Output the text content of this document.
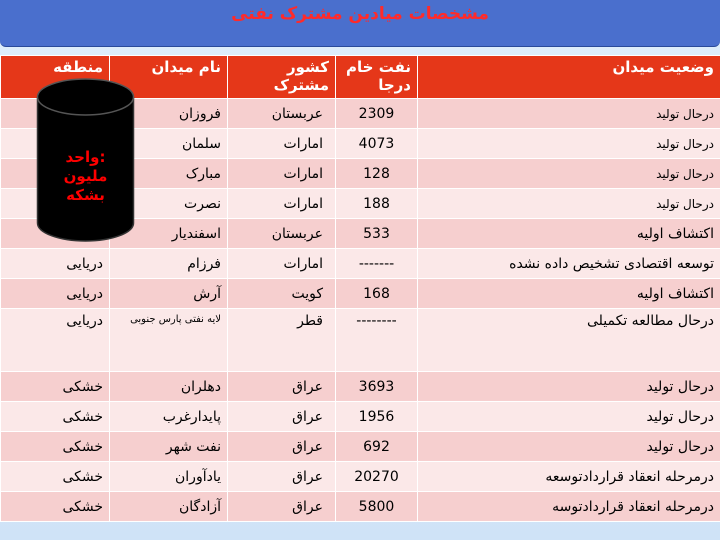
مشخصات میادین مشترک نفتی
وضعیت میدان	نفت خام درجا	کشور مشترک	نام میدان	منطقه
درحال تولید	2309	عربستان	فروزان	
درحال تولید	4073	امارات	سلمان	
درحال تولید	128	امارات	مبارک	
درحال تولید	188	امارات	نصرت	
اکتشاف اولیه	533	عربستان	اسفندیار	
توسعه اقتصادی تشخیص داده نشده	-------	امارات	فرزام	دریایی
اکتشاف اولیه	168	کویت	آرش	دریایی
درحال مطالعه تکمیلی	--------	قطر	لایه نفتی پارس جنوبی	دریایی
درحال تولید	3693	عراق	دهلران	خشکی
درحال تولید	1956	عراق	پایدارغرب	خشکی
درحال تولید	692	عراق	نفت شهر	خشکی
درمرحله انعقاد قراردادتوسعه	20270	عراق	یادآوران	خشکی
درمرحله انعقاد قراردادتوسه	5800	عراق	آزادگان	خشکی
واحد:
ملیون
بشکه
